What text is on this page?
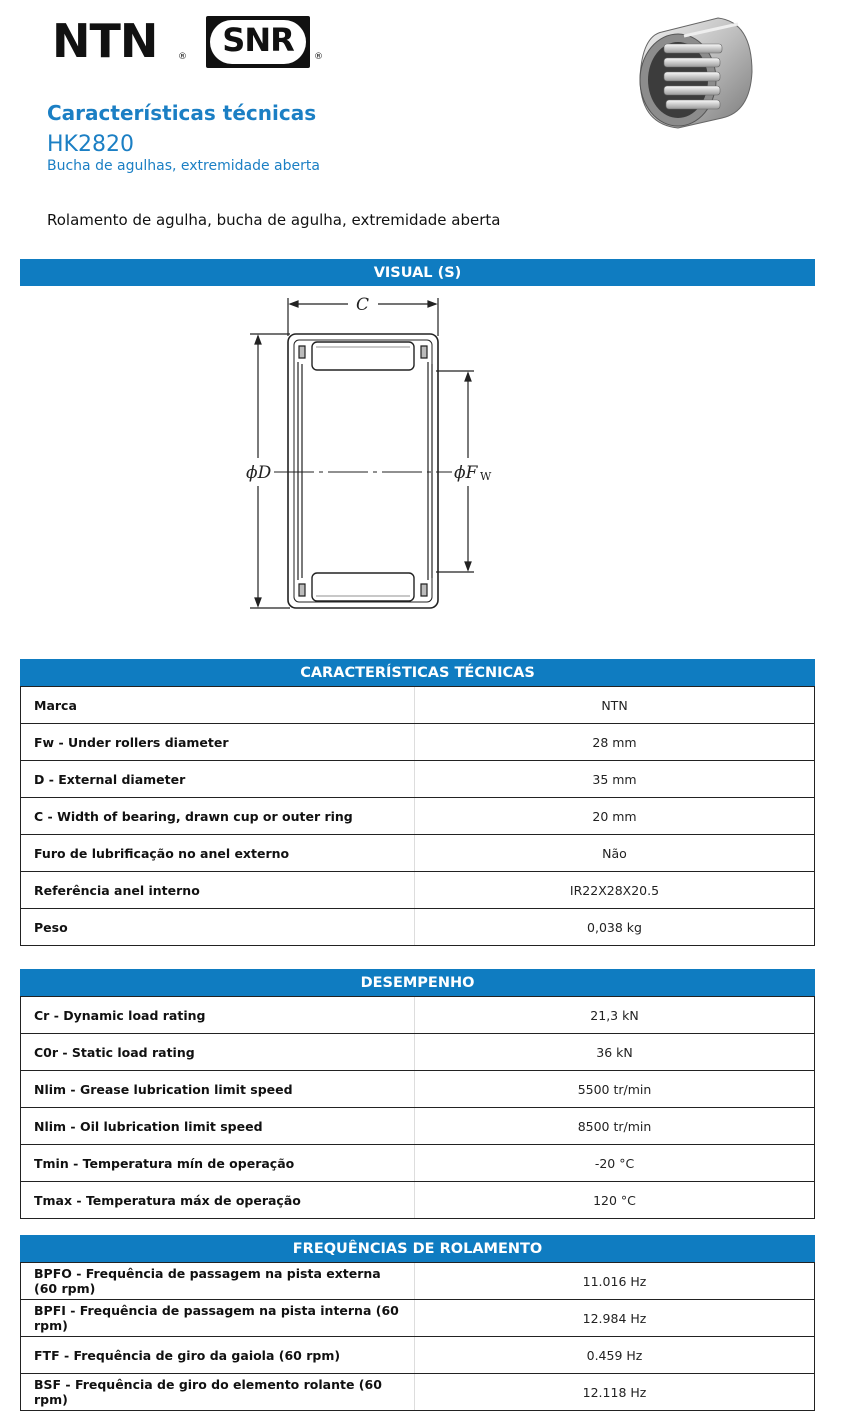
NTN ®	SNR	®
Características técnicas
HK2820
Bucha de agulhas, extremidade aberta
Rolamento de agulha, bucha de agulha, extremidade aberta
VISUAL (S)
C
ϕD	ϕF W
CARACTERÍSTICAS TÉCNICAS
Marca	NTN
Fw - Under rollers diameter	28 mm
D - External diameter	35 mm
C - Width of bearing, drawn cup or outer ring	20 mm
Furo de lubrificação no anel externo	Não
Referência anel interno	IR22X28X20.5
Peso	0,038 kg
DESEMPENHO
Cr - Dynamic load rating	21,3 kN
C0r - Static load rating	36 kN
Nlim - Grease lubrication limit speed	5500 tr/min
Nlim - Oil lubrication limit speed	8500 tr/min
Tmin - Temperatura mín de operação	-20 °C
Tmax - Temperatura máx de operação	120 °C
FREQUÊNCIAS DE ROLAMENTO
BPFO - Frequência de passagem na pista externa (60 rpm)	11.016 Hz
BPFI - Frequência de passagem na pista interna (60 rpm)	12.984 Hz
FTF - Frequência de giro da gaiola (60 rpm)	0.459 Hz
BSF - Frequência de giro do elemento rolante (60 rpm)	12.118 Hz
